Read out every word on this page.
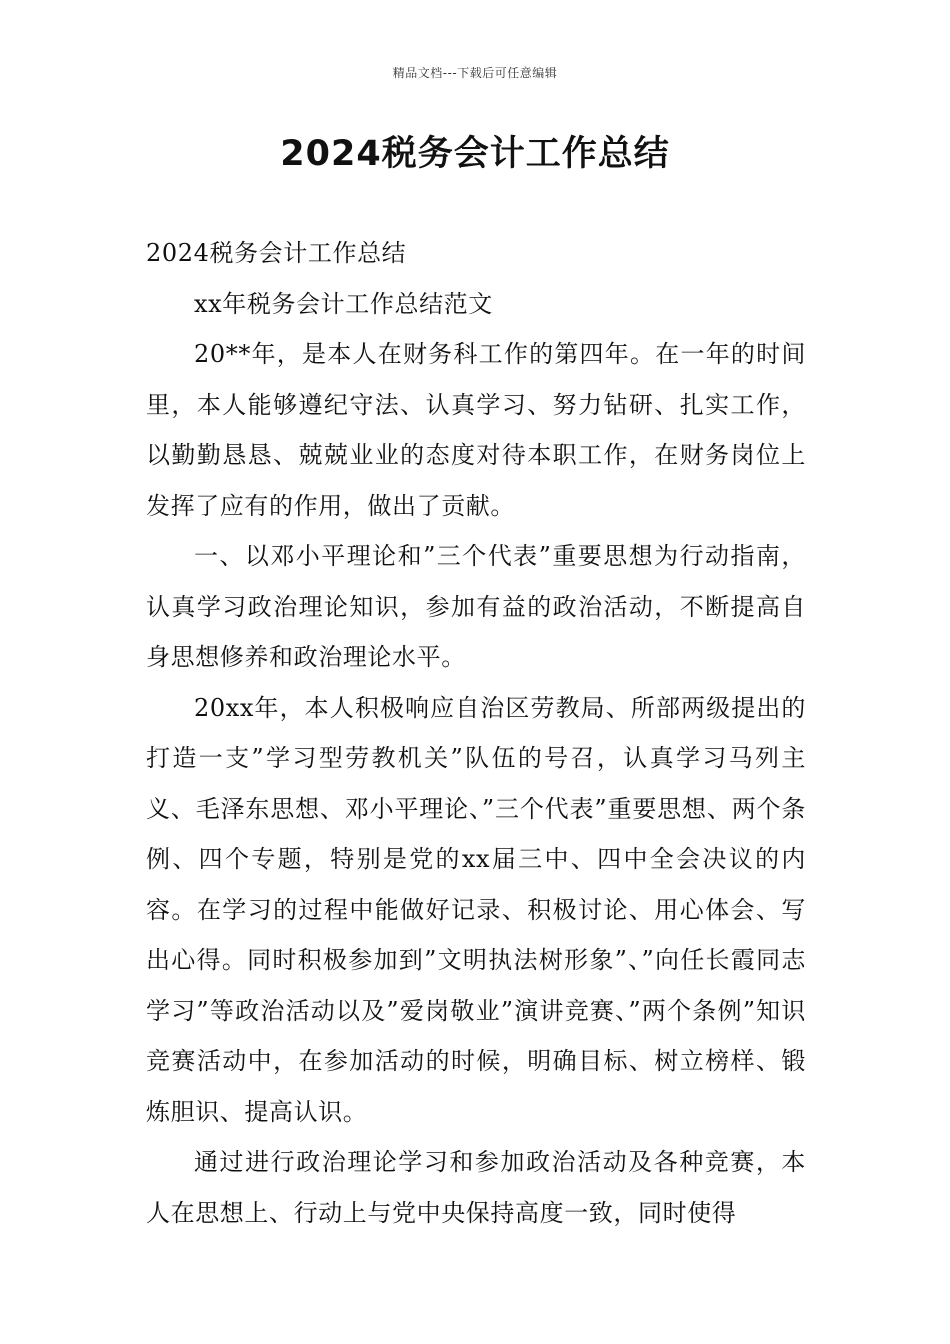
精品文档---下载后可任意编辑
2024税务会计工作总结

2024税务会计工作总结

xx年税务会计工作总结范文

20**年，是本人在财务科工作的第四年。在一年的时间里，本人能够遵纪守法、认真学习、努力钻研、扎实工作，以勤勤恳恳、兢兢业业的态度对待本职工作，在财务岗位上发挥了应有的作用，做出了贡献。

一、以邓小平理论和”三个代表”重要思想为行动指南，认真学习政治理论知识，参加有益的政治活动，不断提高自身思想修养和政治理论水平。

20xx年，本人积极响应自治区劳教局、所部两级提出的打造一支”学习型劳教机关”队伍的号召，认真学习马列主义、毛泽东思想、邓小平理论、”三个代表”重要思想、两个条例、四个专题，特别是党的xx届三中、四中全会决议的内容。在学习的过程中能做好记录、积极讨论、用心体会、写出心得。同时积极参加到”文明执法树形象”、”向任长霞同志学习”等政治活动以及”爱岗敬业”演讲竞赛、”两个条例”知识竞赛活动中，在参加活动的时候，明确目标、树立榜样、锻炼胆识、提高认识。

通过进行政治理论学习和参加政治活动及各种竞赛，本人在思想上、行动上与党中央保持高度一致，同时使得
